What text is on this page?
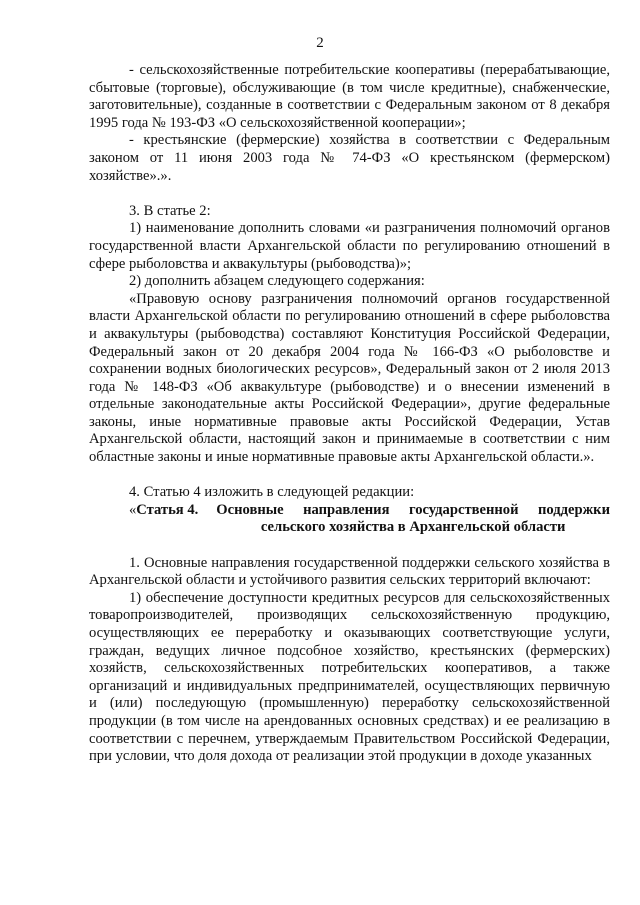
2

- сельскохозяйственные потребительские кооперативы (перерабатывающие, сбытовые (торговые), обслуживающие (в том числе кредитные), снабженческие, заготовительные), созданные в соответствии с Федеральным законом от 8 декабря 1995 года № 193-ФЗ «О сельскохозяйственной кооперации»;

- крестьянские (фермерские) хозяйства в соответствии с Федеральным законом от 11 июня 2003 года № 74-ФЗ «О крестьянском (фермерском) хозяйстве».».

3. В статье 2:

1) наименование дополнить словами «и разграничения полномочий органов государственной власти Архангельской области по регулированию отношений в сфере рыболовства и аквакультуры (рыбоводства)»;

2) дополнить абзацем следующего содержания:

«Правовую основу разграничения полномочий органов государственной власти Архангельской области по регулированию отношений в сфере рыболовства и аквакультуры (рыбоводства) составляют Конституция Российской Федерации, Федеральный закон от 20 декабря 2004 года № 166-ФЗ «О рыболовстве и сохранении водных биологических ресурсов», Федеральный закон от 2 июля 2013 года № 148-ФЗ «Об аквакультуре (рыбоводстве) и о внесении изменений в отдельные законодательные акты Российской Федерации», другие федеральные законы, иные нормативные правовые акты Российской Федерации, Устав Архангельской области, настоящий закон и принимаемые в соответствии с ним областные законы и иные нормативные правовые акты Архангельской области.».

4. Статью 4 изложить в следующей редакции:

«Статья 4.	Основные направления государственной поддержки сельского хозяйства в Архангельской области

1. Основные направления государственной поддержки сельского хозяйства в Архангельской области и устойчивого развития сельских территорий включают:

1) обеспечение доступности кредитных ресурсов для сельскохозяйственных товаропроизводителей, производящих сельскохозяйственную продукцию, осуществляющих ее переработку и оказывающих соответствующие услуги, граждан, ведущих личное подсобное хозяйство, крестьянских (фермерских) хозяйств, сельскохозяйственных потребительских кооперативов, а также организаций и индивидуальных предпринимателей, осуществляющих первичную и (или) последующую (промышленную) переработку сельскохозяйственной продукции (в том числе на арендованных основных средствах) и ее реализацию в соответствии с перечнем, утверждаемым Правительством Российской Федерации, при условии, что доля дохода от реализации этой продукции в доходе указанных
